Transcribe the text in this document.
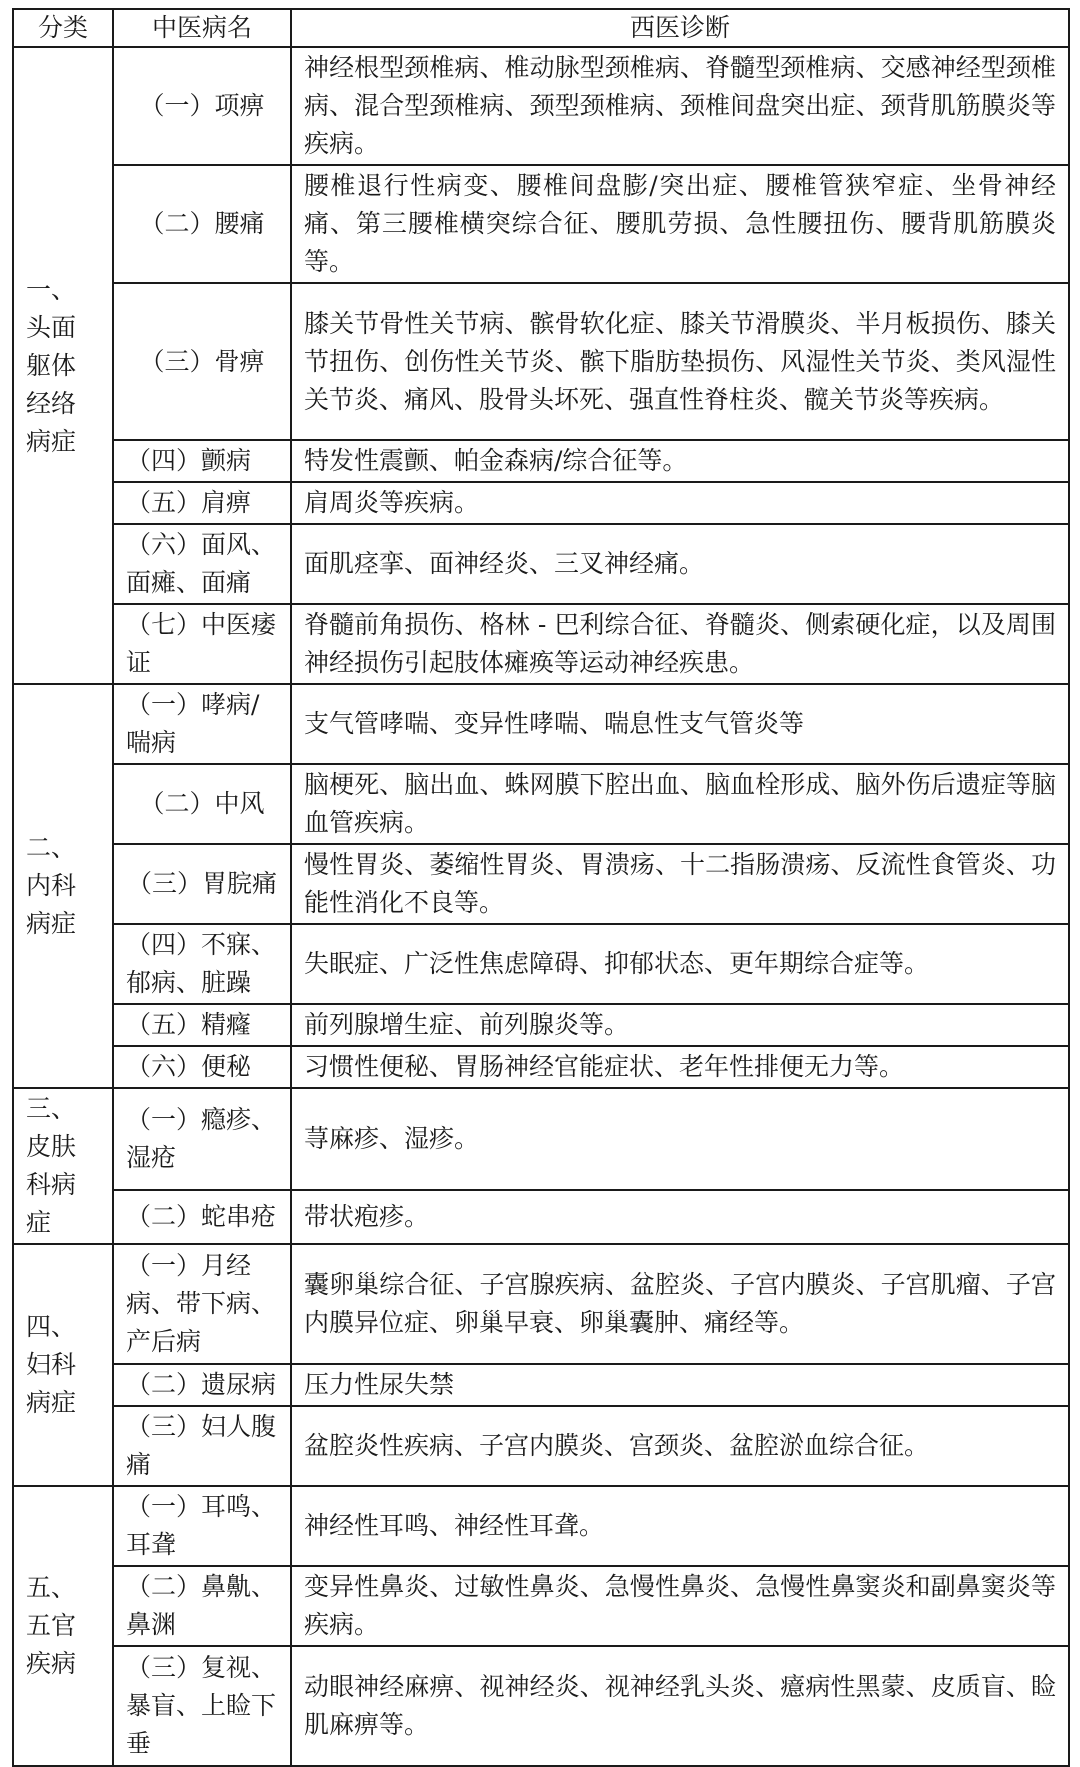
分类	中医病名	西医诊断
一、头面躯体经络病症	（一）项痹	神经根型颈椎病、椎动脉型颈椎病、脊髓型颈椎病、交感神经型颈椎病、混合型颈椎病、颈型颈椎病、颈椎间盘突出症、颈背肌筋膜炎等疾病。
	（二）腰痛	腰椎退行性病变、腰椎间盘膨/突出症、腰椎管狭窄症、坐骨神经痛、第三腰椎横突综合征、腰肌劳损、急性腰扭伤、腰背肌筋膜炎等。
	（三）骨痹	膝关节骨性关节病、髌骨软化症、膝关节滑膜炎、半月板损伤、膝关节扭伤、创伤性关节炎、髌下脂肪垫损伤、风湿性关节炎、类风湿性关节炎、痛风、股骨头坏死、强直性脊柱炎、髋关节炎等疾病。
	（四）颤病	特发性震颤、帕金森病/综合征等。
	（五）肩痹	肩周炎等疾病。
	（六）面风、面瘫、面痛	面肌痉挛、面神经炎、三叉神经痛。
	（七）中医痿证	脊髓前角损伤、格林 - 巴利综合征、脊髓炎、侧索硬化症，以及周围神经损伤引起肢体瘫痪等运动神经疾患。
二、内科病症	（一）哮病/喘病	支气管哮喘、变异性哮喘、喘息性支气管炎等
	（二）中风	脑梗死、脑出血、蛛网膜下腔出血、脑血栓形成、脑外伤后遗症等脑血管疾病。
	（三）胃脘痛	慢性胃炎、萎缩性胃炎、胃溃疡、十二指肠溃疡、反流性食管炎、功能性消化不良等。
	（四）不寐、郁病、脏躁	失眠症、广泛性焦虑障碍、抑郁状态、更年期综合症等。
	（五）精癃	前列腺增生症、前列腺炎等。
	（六）便秘	习惯性便秘、胃肠神经官能症状、老年性排便无力等。
三、皮肤科病症	（一）瘾疹、湿疮	荨麻疹、湿疹。
	（二）蛇串疮	带状疱疹。
四、妇科病症	（一）月经病、带下病、产后病	囊卵巢综合征、子宫腺疾病、盆腔炎、子宫内膜炎、子宫肌瘤、子宫内膜异位症、卵巢早衰、卵巢囊肿、痛经等。
	（二）遗尿病	压力性尿失禁
	（三）妇人腹痛	盆腔炎性疾病、子宫内膜炎、宫颈炎、盆腔淤血综合征。
五、五官疾病	（一）耳鸣、耳聋	神经性耳鸣、神经性耳聋。
	（二）鼻鼽、鼻渊	变异性鼻炎、过敏性鼻炎、急慢性鼻炎、急慢性鼻窦炎和副鼻窦炎等疾病。
	（三）复视、暴盲、上睑下垂	动眼神经麻痹、视神经炎、视神经乳头炎、癔病性黑蒙、皮质盲、睑肌麻痹等。
